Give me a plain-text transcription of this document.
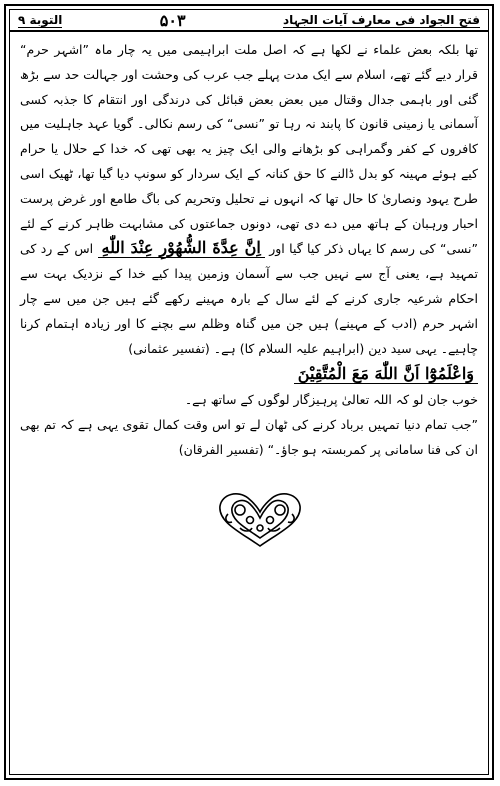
فتح الجواد فی معارف آیات الجہاد
۵۰۳
التوبة ۹

تھا بلکہ بعض علماء نے لکھا ہے کہ اصل ملت ابراہیمی میں یہ چار ماہ ”اشہر حرم“ قرار دیے گئے تھے، اسلام سے ایک مدت پہلے جب عرب کی وحشت اور جہالت حد سے بڑھ گئی اور باہمی جدال وقتال میں بعض بعض قبائل کی درندگی اور انتقام کا جذبہ کسی آسمانی یا زمینی قانون کا پابند نہ رہا تو ”نسی“ کی رسم نکالی۔ گویا عہد جاہلیت میں کافروں کے کفر وگمراہی کو بڑھانے والی ایک چیز یہ بھی تھی کہ خدا کے حلال یا حرام کیے ہوئے مہینہ کو بدل ڈالنے کا حق کنانہ کے ایک سردار کو سونپ دیا گیا تھا، ٹھیک اسی طرح یہود ونصاریٰ کا حال تھا کہ انہوں نے تحلیل وتحریم کی باگ طامع اور غرض پرست احبار ورہبان کے ہاتھ میں دے دی تھی، دونوں جماعتوں کی مشابہت ظاہر کرنے کے لئے ”نسی“ کی رسم کا یہاں ذکر کیا گیا اور اِنَّ عِدَّةَ الشُّهُوْرِ عِنْدَ اللّٰهِ اس کے رد کی تمہید ہے، یعنی آج سے نہیں جب سے آسمان وزمین پیدا کیے خدا کے نزدیک بہت سے احکام شرعیہ جاری کرنے کے لئے سال کے بارہ مہینے رکھے گئے ہیں جن میں سے چار اشہر حرم (ادب کے مہینے) ہیں جن میں گناہ وظلم سے بچنے کا اور زیادہ اہتمام کرنا چاہیے۔ یہی سید دین (ابراہیم علیہ السلام کا) ہے۔ (تفسیر عثمانی)

وَاعْلَمُوْٓا اَنَّ اللّٰهَ مَعَ الْمُتَّقِيْنَ

خوب جان لو کہ اللہ تعالیٰ پرہیزگار لوگوں کے ساتھ ہے۔

”جب تمام دنیا تمہیں برباد کرنے کی ٹھان لے تو اس وقت کمال تقوی یہی ہے کہ تم بھی ان کی فنا سامانی پر کمربستہ ہو جاؤ۔“ (تفسیر الفرقان)
